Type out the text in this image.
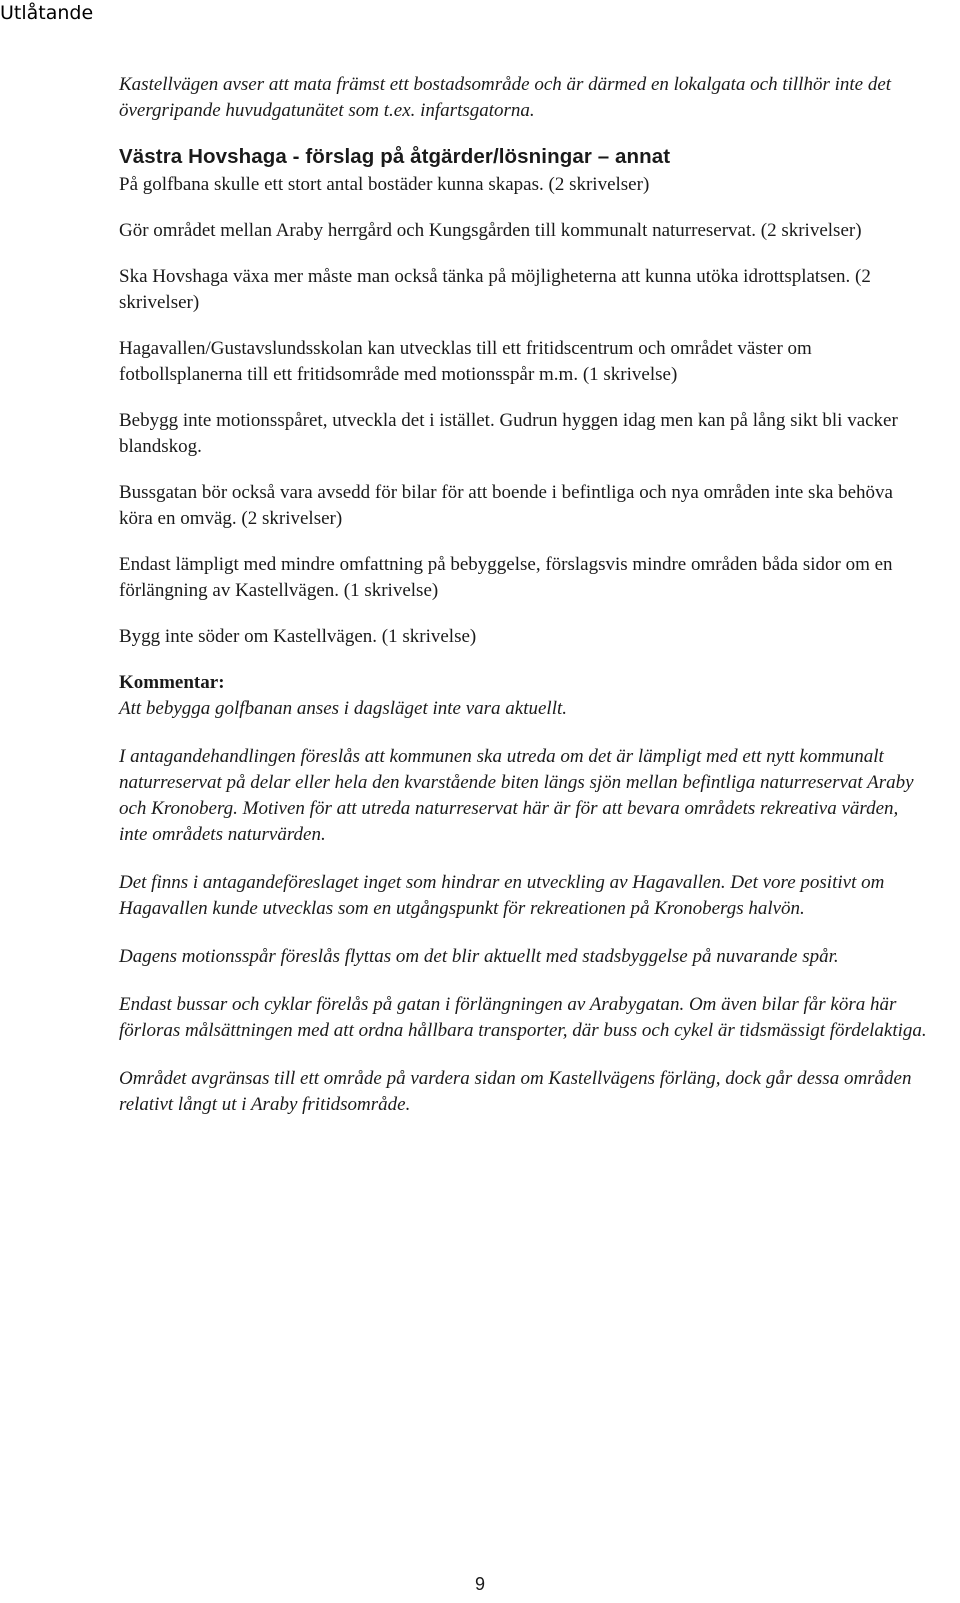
Utlåtande

Kastellvägen avser att mata främst ett bostadsområde och är därmed en lokalgata och tillhör inte det övergripande huvudgatunätet som t.ex. infartsgatorna.

Västra Hovshaga - förslag på åtgärder/lösningar – annat

På golfbana skulle ett stort antal bostäder kunna skapas. (2 skrivelser)

Gör området mellan Araby herrgård och Kungsgården till kommunalt naturreservat. (2 skrivelser)

Ska Hovshaga växa mer måste man också tänka på möjligheterna att kunna utöka idrottsplatsen. (2 skrivelser)

Hagavallen/Gustavslundsskolan kan utvecklas till ett fritidscentrum och området väster om fotbollsplanerna till ett fritidsområde med motionsspår m.m. (1 skrivelse)

Bebygg inte motionsspåret, utveckla det i istället. Gudrun hyggen idag men kan på lång sikt bli vacker blandskog.

Bussgatan bör också vara avsedd för bilar för att boende i befintliga och nya områden inte ska behöva köra en omväg. (2 skrivelser)

Endast lämpligt med mindre omfattning på bebyggelse, förslagsvis mindre områden båda sidor om en förlängning av Kastellvägen. (1 skrivelse)

Bygg inte söder om Kastellvägen. (1 skrivelse)

Kommentar:

Att bebygga golfbanan anses i dagsläget inte vara aktuellt.

I antagandehandlingen föreslås att kommunen ska utreda om det är lämpligt med ett nytt kommunalt naturreservat på delar eller hela den kvarstående biten längs sjön mellan befintliga naturreservat Araby och Kronoberg. Motiven för att utreda naturreservat här är för att bevara områdets rekreativa värden, inte områdets naturvärden.

Det finns i antagandeföreslaget inget som hindrar en utveckling av Hagavallen. Det vore positivt om Hagavallen kunde utvecklas som en utgångspunkt för rekreationen på Kronobergs halvön.

Dagens motionsspår föreslås flyttas om det blir aktuellt med stadsbyggelse på nuvarande spår.

Endast bussar och cyklar förelås på gatan i förlängningen av Arabygatan. Om även bilar får köra här förloras målsättningen med att ordna hållbara transporter, där buss och cykel är tidsmässigt fördelaktiga.

Området avgränsas till ett område på vardera sidan om Kastellvägens förläng, dock går dessa områden relativt långt ut i Araby fritidsområde.

9
